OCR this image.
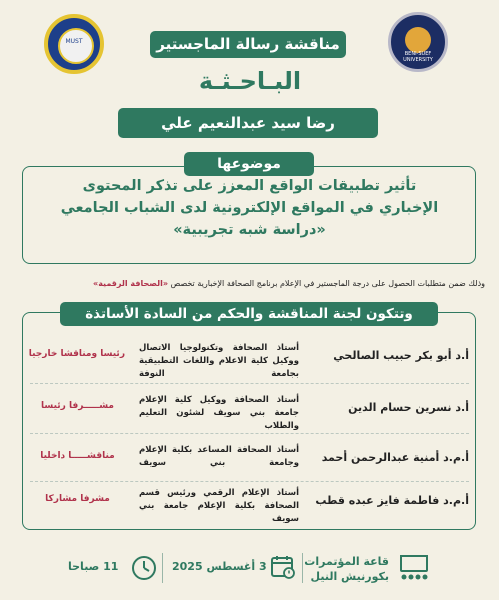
MUST
BENI-SUEF UNIVERSITY
مناقشة رسالة الماجستير
البـاحـثـة
رضا سيد عبدالنعيم علي
موضوعها
تأثير تطبيقات الواقع المعزز على تذكر المحتوى
الإخباري في المواقع الإلكترونية لدى الشباب الجامعي
«دراسة شبه تجريبية»
وذلك ضمن متطلبات الحصول على درجة الماجستير في الإعلام برنامج الصحافة الإخبارية تخصص «الصحافة الرقمية»
وتتكون لجنة المناقشة والحكم من السادة الأساتذة
أ.د أبو بكر حبيب الصالحي
أستاذ الصحافة وتكنولوجيا الاتصال ووكيل كلية الاعلام واللغات التطبيقية بجامعة النوفة
رئيسا ومناقشا خارجيا
أ.د نسرين حسام الدين
أستاذ الصحافة ووكيل كلية الإعلام جامعة بني سويف لشئون التعليم والطلاب
مشـــــرفا رئيسا
أ.م.د أمنية عبدالرحمن أحمد
أستاذ الصحافة المساعد بكلية الإعلام وجامعة بني سويف
مناقشـــــا داخليا
أ.م.د فاطمة فايز عبده قطب
أستاذ الإعلام الرقمي ورئيس قسم الصحافة بكلية الإعلام جامعة بني سويف
مشرفا مشاركا
قاعة المؤتمرات
بكورنيش النيل
3 أغسطس 2025
11 صباحا
